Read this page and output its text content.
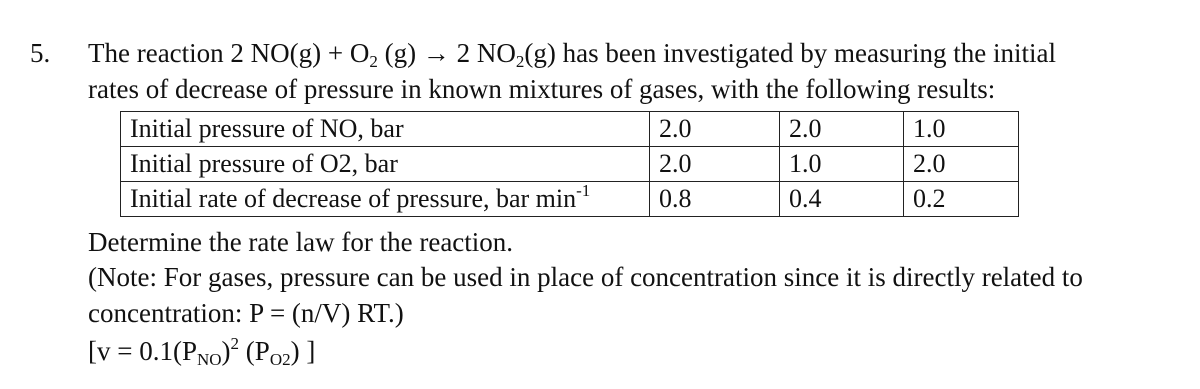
5. The reaction 2 $NO(g) + O_2$ (g) → 2 $NO_2(g)$ has been investigated by measuring the initial
rates of decrease of pressure in known mixtures of gases, with the following results:
Initial pressure of NO, bar	2.0	2.0	1.0
Initial pressure of O2, bar	2.0	1.0	2.0
Initial rate of decrease of pressure, bar $\min^{-1}$	0.8	0.4	0.2
Determine the rate law for the reaction.
(Note: For gases, pressure can be used in place of concentration since it is directly related to
concentration: P = (n/V) RT.)
[$v = 0.1(P_{NO})^2$ $(P_{O2})$ ]
